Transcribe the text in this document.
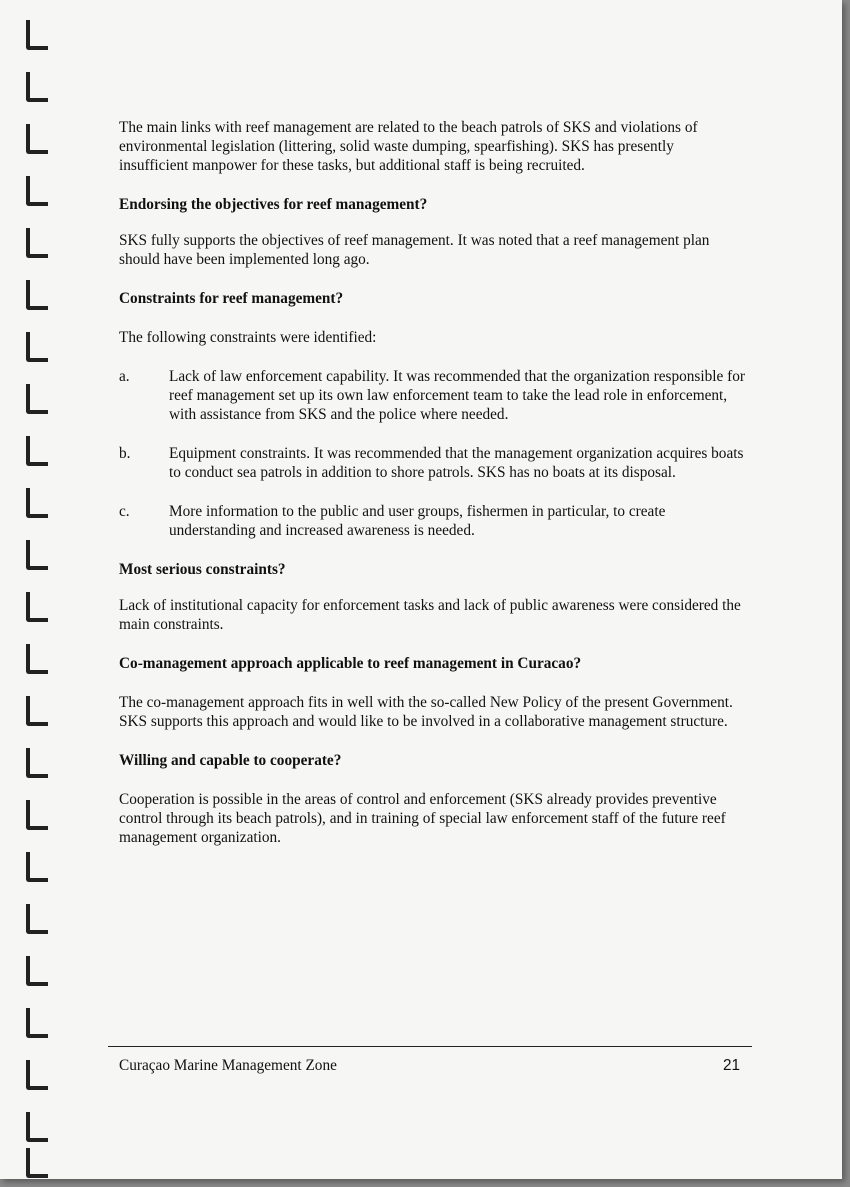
The main links with reef management are related to the beach patrols of SKS and violations of environmental legislation (littering, solid waste dumping, spearfishing). SKS has presently insufficient manpower for these tasks, but additional staff is being recruited.

Endorsing the objectives for reef management?

SKS fully supports the objectives of reef management. It was noted that a reef management plan should have been implemented long ago.

Constraints for reef management?

The following constraints were identified:

a.	Lack of law enforcement capability. It was recommended that the organization responsible for reef management set up its own law enforcement team to take the lead role in enforcement, with assistance from SKS and the police where needed.
b.	Equipment constraints. It was recommended that the management organization acquires boats to conduct sea patrols in addition to shore patrols. SKS has no boats at its disposal.
c.	More information to the public and user groups, fishermen in particular, to create understanding and increased awareness is needed.
Most serious constraints?

Lack of institutional capacity for enforcement tasks and lack of public awareness were considered the main constraints.

Co-management approach applicable to reef management in Curacao?

The co-management approach fits in well with the so-called New Policy of the present Government. SKS supports this approach and would like to be involved in a collaborative management structure.

Willing and capable to cooperate?

Cooperation is possible in the areas of control and enforcement (SKS already provides preventive control through its beach patrols), and in training of special law enforcement staff of the future reef management organization.

Curaçao Marine Management Zone	21
